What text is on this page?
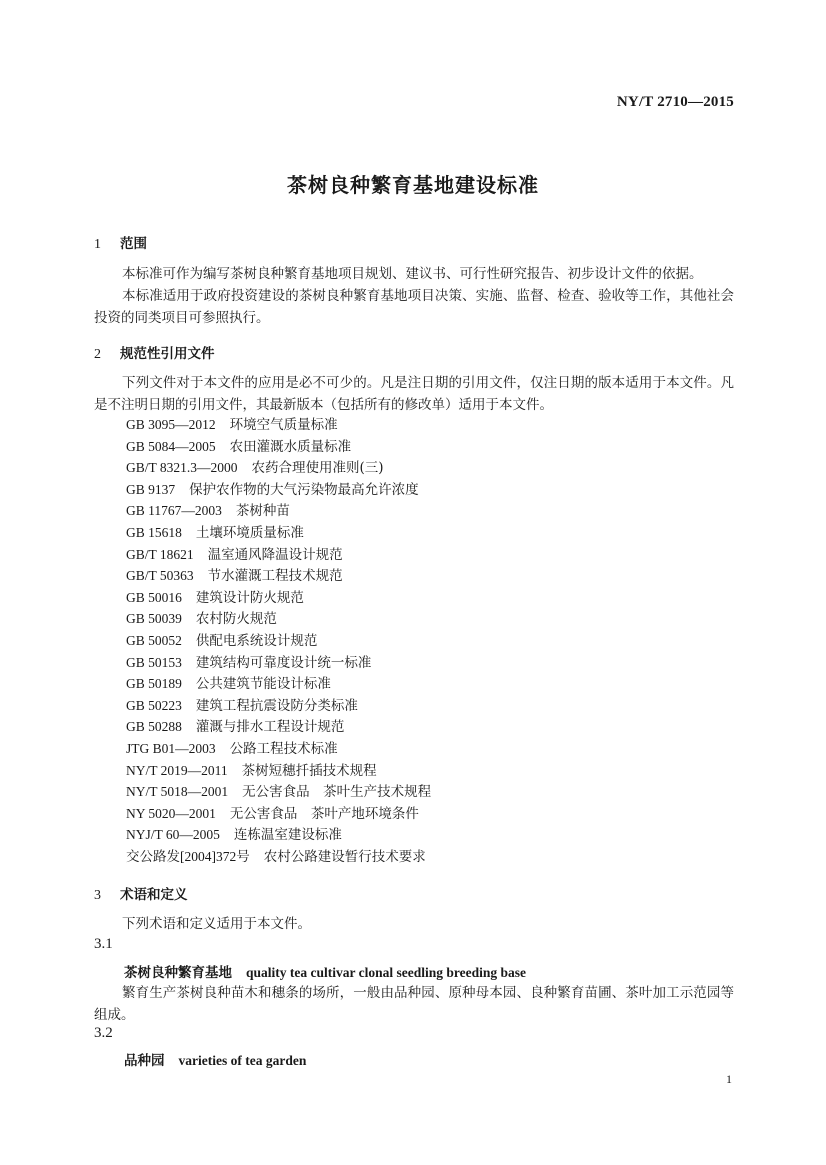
NY/T 2710—2015
茶树良种繁育基地建设标准
1 范围
本标准可作为编写茶树良种繁育基地项目规划、建议书、可行性研究报告、初步设计文件的依据。
本标准适用于政府投资建设的茶树良种繁育基地项目决策、实施、监督、检查、验收等工作，其他社会投资的同类项目可参照执行。
2 规范性引用文件
下列文件对于本文件的应用是必不可少的。凡是注日期的引用文件，仅注日期的版本适用于本文件。凡是不注明日期的引用文件，其最新版本（包括所有的修改单）适用于本文件。
GB 3095—2012 环境空气质量标准
GB 5084—2005 农田灌溉水质量标准
GB/T 8321.3—2000 农药合理使用准则(三)
GB 9137 保护农作物的大气污染物最高允许浓度
GB 11767—2003 茶树种苗
GB 15618 土壤环境质量标准
GB/T 18621 温室通风降温设计规范
GB/T 50363 节水灌溉工程技术规范
GB 50016 建筑设计防火规范
GB 50039 农村防火规范
GB 50052 供配电系统设计规范
GB 50153 建筑结构可靠度设计统一标准
GB 50189 公共建筑节能设计标准
GB 50223 建筑工程抗震设防分类标准
GB 50288 灌溉与排水工程设计规范
JTG B01—2003 公路工程技术标准
NY/T 2019—2011 茶树短穗扦插技术规程
NY/T 5018—2001 无公害食品　茶叶生产技术规程
NY 5020—2001 无公害食品　茶叶产地环境条件
NYJ/T 60—2005 连栋温室建设标准
交公路发[2004]372号 农村公路建设暂行技术要求
3 术语和定义
下列术语和定义适用于本文件。
3.1
茶树良种繁育基地 quality tea cultivar clonal seedling breeding base
繁育生产茶树良种苗木和穗条的场所，一般由品种园、原种母本园、良种繁育苗圃、茶叶加工示范园等组成。
3.2
品种园 varieties of tea garden
1
